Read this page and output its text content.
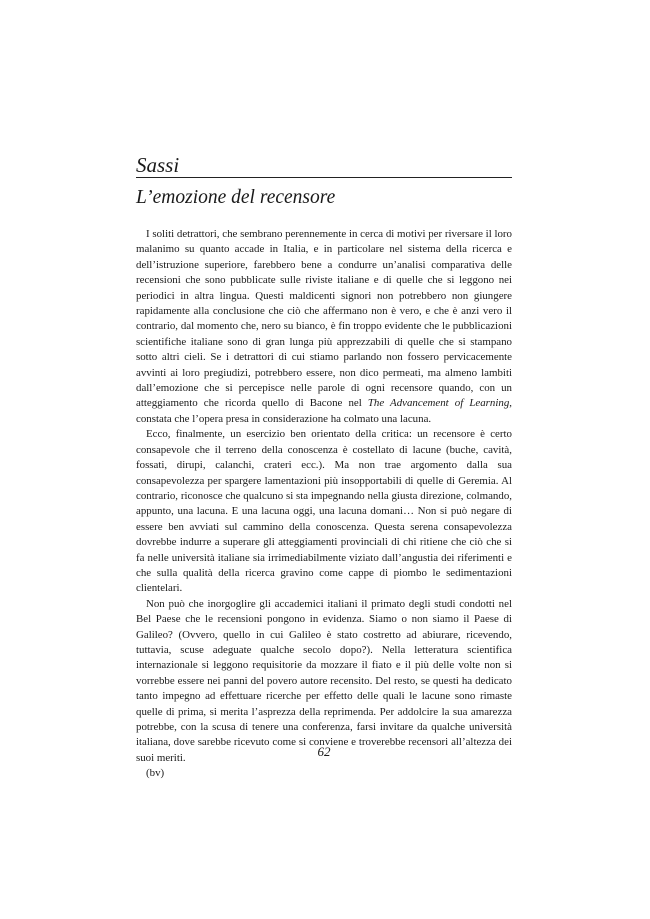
Sassi
L’emozione del recensore

I soliti detrattori, che sembrano perennemente in cerca di motivi per riversare il loro malanimo su quanto accade in Italia, e in particolare nel sistema della ricerca e dell’istruzione superiore, farebbero bene a condurre un’analisi comparativa delle recensioni che sono pubblicate sulle riviste italiane e di quelle che si leggono nei periodici in altra lingua. Questi maldicenti signori non potrebbero non giungere rapidamente alla conclusione che ciò che affermano non è vero, e che è anzi vero il contrario, dal momento che, nero su bianco, è fin troppo evidente che le pubblicazioni scientifiche italiane sono di gran lunga più apprezzabili di quelle che si stampano sotto altri cieli. Se i detrattori di cui stiamo parlando non fossero pervicacemente avvinti ai loro pregiudizi, potrebbero essere, non dico permeati, ma almeno lambiti dall’emozione che si percepisce nelle parole di ogni recensore quando, con un atteggiamento che ricorda quello di Bacone nel The Advancement of Learning, constata che l’opera presa in considerazione ha colmato una lacuna.

Ecco, finalmente, un esercizio ben orientato della critica: un recensore è certo consapevole che il terreno della conoscenza è costellato di lacune (buche, cavità, fossati, dirupi, calanchi, crateri ecc.). Ma non trae argomento dalla sua consapevolezza per spargere lamentazioni più insopportabili di quelle di Geremia. Al contrario, riconosce che qualcuno si sta impegnando nella giusta direzione, colmando, appunto, una lacuna. E una lacuna oggi, una lacuna domani… Non si può negare di essere ben avviati sul cammino della conoscenza. Questa serena consapevolezza dovrebbe indurre a superare gli atteggiamenti provinciali di chi ritiene che ciò che si fa nelle università italiane sia irrimediabilmente viziato dall’angustia dei riferimenti e che sulla qualità della ricerca gravino come cappe di piombo le sedimentazioni clientelari.

Non può che inorgoglire gli accademici italiani il primato degli studi condotti nel Bel Paese che le recensioni pongono in evidenza. Siamo o non siamo il Paese di Galileo? (Ovvero, quello in cui Galileo è stato costretto ad abiurare, ricevendo, tuttavia, scuse adeguate qualche secolo dopo?). Nella letteratura scientifica internazionale si leggono requisitorie da mozzare il fiato e il più delle volte non si vorrebbe essere nei panni del povero autore recensito. Del resto, se questi ha dedicato tanto impegno ad effettuare ricerche per effetto delle quali le lacune sono rimaste quelle di prima, si merita l’asprezza della reprimenda. Per addolcire la sua amarezza potrebbe, con la scusa di tenere una conferenza, farsi invitare da qualche università italiana, dove sarebbe ricevuto come si conviene e troverebbe recensori all’altezza dei suoi meriti.

(bv)

62
